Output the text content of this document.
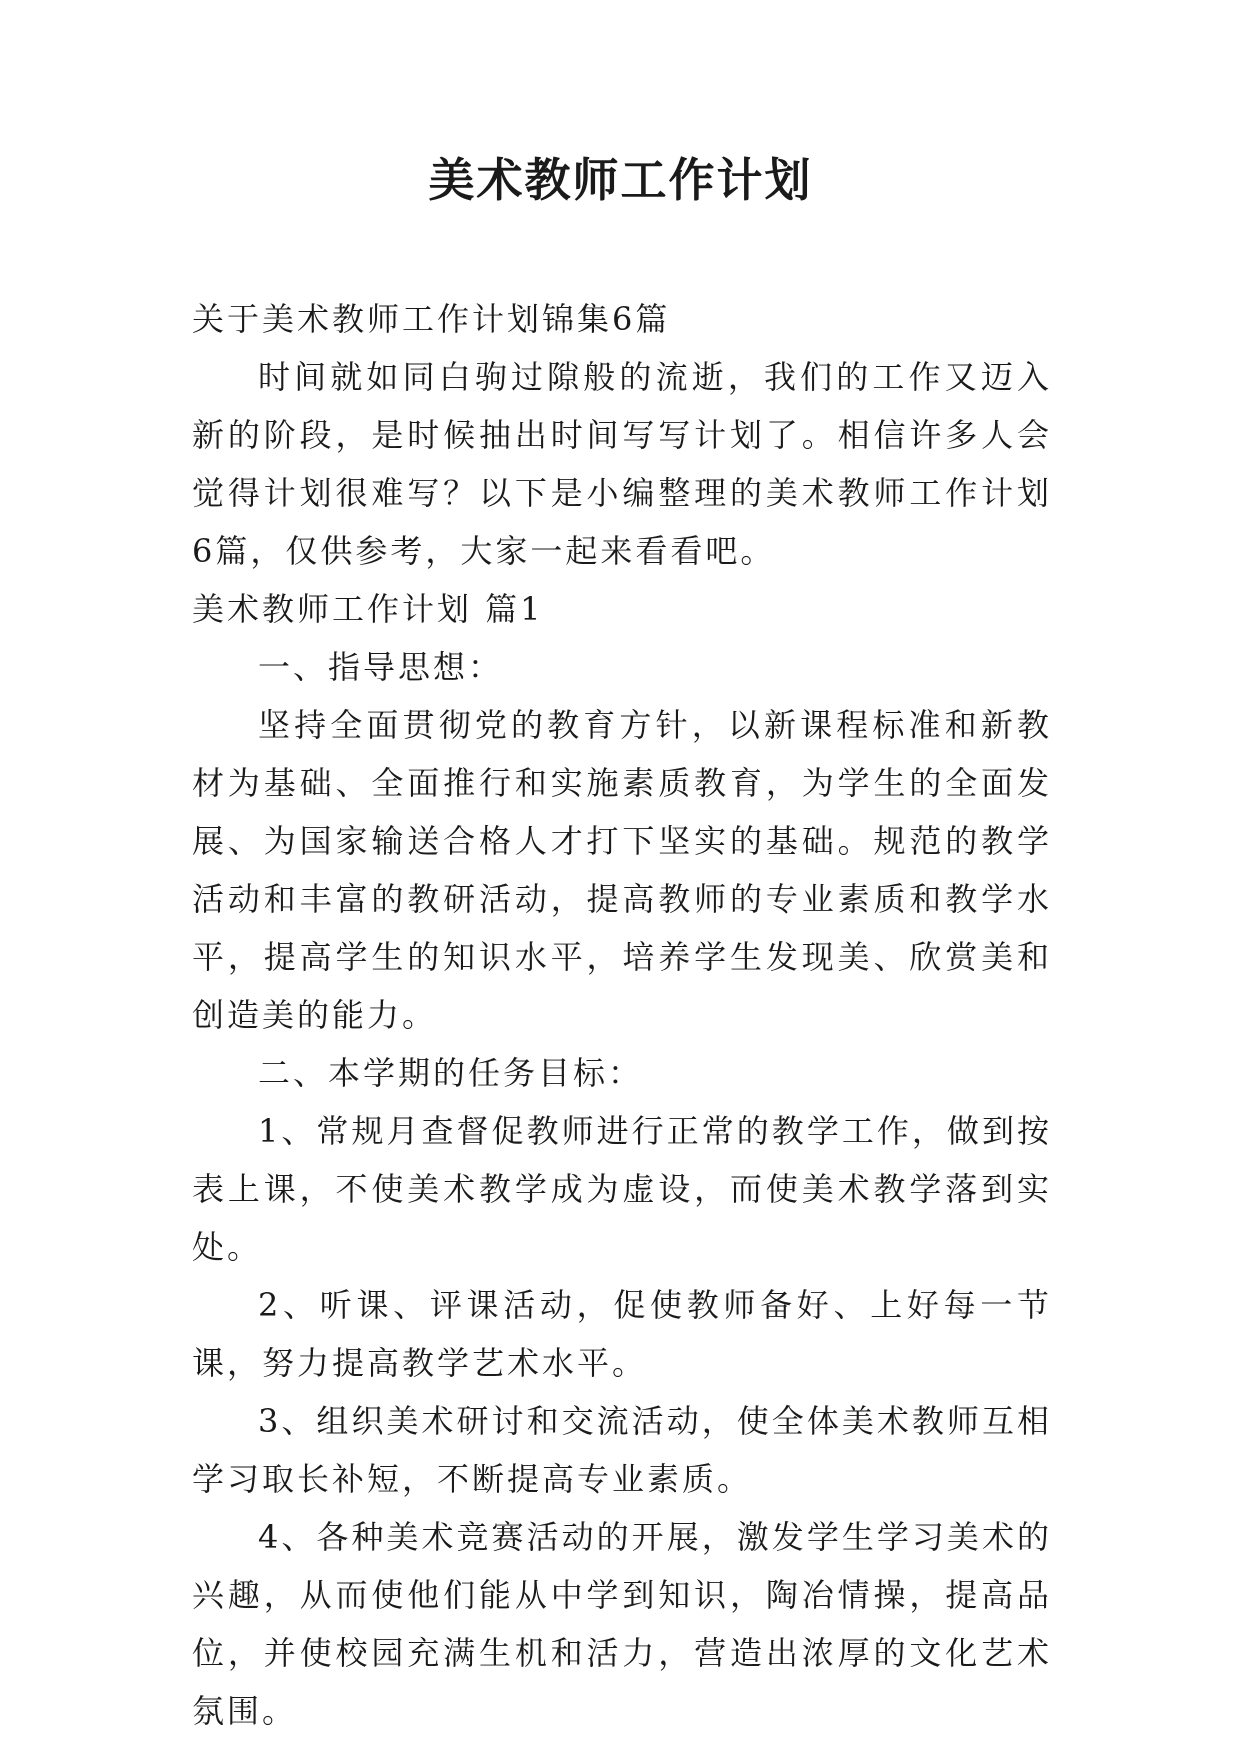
美术教师工作计划

关于美术教师工作计划锦集6篇

时间就如同白驹过隙般的流逝，我们的工作又迈入新的阶段，是时候抽出时间写写计划了。相信许多人会觉得计划很难写？以下是小编整理的美术教师工作计划6篇，仅供参考，大家一起来看看吧。

美术教师工作计划 篇1

一、指导思想：

坚持全面贯彻党的教育方针，以新课程标准和新教材为基础、全面推行和实施素质教育，为学生的全面发展、为国家输送合格人才打下坚实的基础。规范的教学活动和丰富的教研活动，提高教师的专业素质和教学水平，提高学生的知识水平，培养学生发现美、欣赏美和创造美的能力。

二、本学期的任务目标：

1、常规月查督促教师进行正常的教学工作，做到按表上课，不使美术教学成为虚设，而使美术教学落到实处。

2、听课、评课活动，促使教师备好、上好每一节课，努力提高教学艺术水平。

3、组织美术研讨和交流活动，使全体美术教师互相学习取长补短，不断提高专业素质。

4、各种美术竞赛活动的开展，激发学生学习美术的兴趣，从而使他们能从中学到知识，陶冶情操，提高品位，并使校园充满生机和活力，营造出浓厚的文化艺术氛围。
